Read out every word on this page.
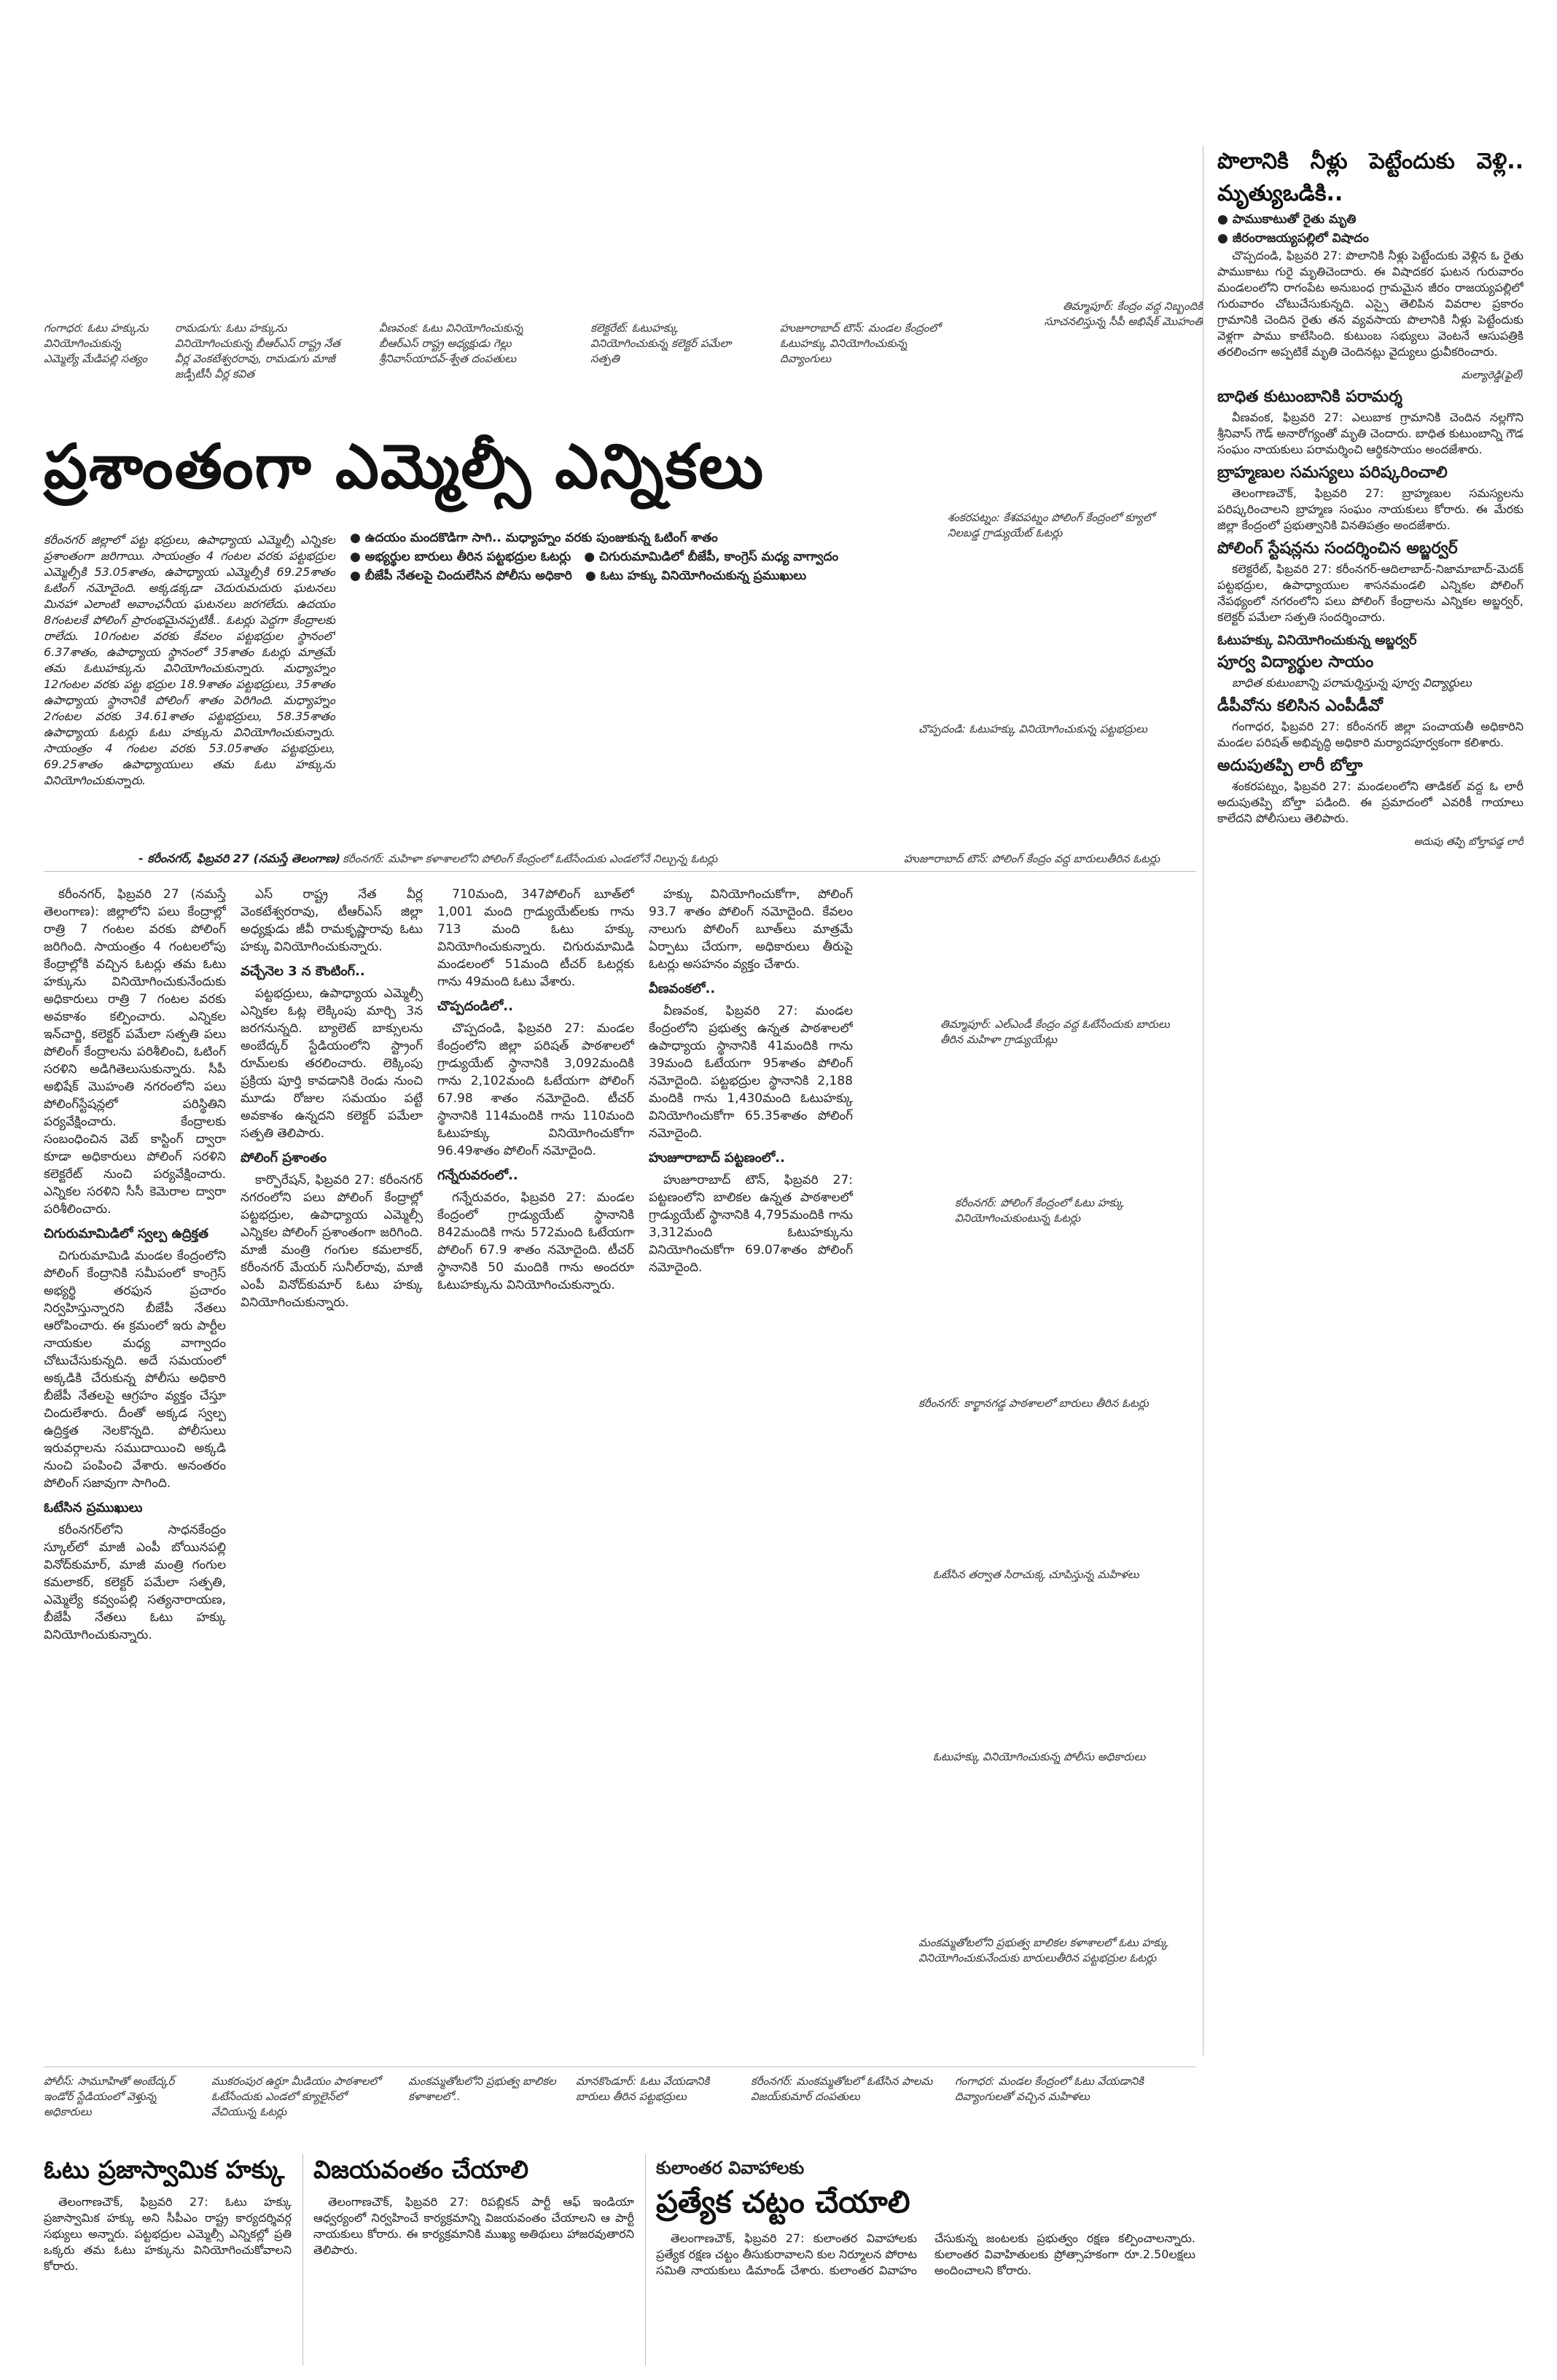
గంగాధర: ఓటు హక్కును వినియోగించుకున్న ఎమ్మెల్యే మేడిపల్లి సత్యం
రామడుగు: ఓటు హక్కును వినియోగించుకున్న బీఆర్ఎస్ రాష్ట్ర నేత వీర్ల వెంకటేశ్వరరావు, రామడుగు మాజీ జడ్పీటీసీ వీర్ల కవిత
వీణవంక: ఓటు వినియోగించుకున్న బీఆర్ఎస్ రాష్ట్ర అధ్యక్షుడు గెల్లు శ్రీనివాస్‌యాదవ్-శ్వేత దంపతులు
కలెక్టరేట్: ఓటుహక్కు వినియోగించుకున్న కలెక్టర్ పమేలా సత్పతి
హుజూరాబాద్ టౌన్: మండల కేంద్రంలో ఓటుహక్కు వినియోగించుకున్న దివ్యాంగులు
తిమ్మాపూర్: కేంద్రం వద్ద నిబ్బందికి సూచనలిస్తున్న సీపీ అభిషేక్ మొహంతి
ప్రశాంతంగా ఎమ్మెల్సీ ఎన్నికలు
● ఉదయం మందకొడిగా సాగి.. మధ్యాహ్నం వరకు పుంజుకున్న ఓటింగ్ శాతం
● అభ్యర్థుల బారులు తీరిన పట్టభద్రుల ఓటర్లు ● చిగురుమామిడిలో బీజేపీ, కాంగ్రెస్ మధ్య వాగ్వాదం
● బీజేపీ నేతలపై చిందులేసిన పోలీసు అధికారి ● ఓటు హక్కు వినియోగించుకున్న ప్రముఖులు
కరీంనగర్ జిల్లాలో పట్ట భద్రులు, ఉపాధ్యాయ ఎమ్మెల్సీ ఎన్నికల ప్రశాంతంగా జరిగాయి. సాయంత్రం 4 గంటల వరకు పట్టభద్రుల ఎమ్మెల్సీకి 53.05శాతం, ఉపాధ్యాయ ఎమ్మెల్సీకి 69.25శాతం ఓటింగ్ నమోదైంది. అక్కడక్కడా చెదురుమదురు ఘటనలు మినహా ఎలాంటి అవాంఛనీయ ఘటనలు జరగలేదు. ఉదయం 8గంటలకే పోలింగ్ ప్రారంభమైనప్పటికీ.. ఓటర్లు పెద్దగా కేంద్రాలకు రాలేదు. 10గంటల వరకు కేవలం పట్టభద్రుల స్థానంలో 6.37శాతం, ఉపాధ్యాయ స్థానంలో 35శాతం ఓటర్లు మాత్రమే తమ ఓటుహక్కును వినియోగించుకున్నారు. మధ్యాహ్నం 12గంటల వరకు పట్ట భద్రుల 18.9శాతం పట్టభద్రులు, 35శాతం ఉపాధ్యాయ స్థానానికి పోలింగ్ శాతం పెరిగింది. మధ్యాహ్నం 2గంటల వరకు 34.61శాతం పట్టభద్రులు, 58.35శాతం ఉపాధ్యాయ ఓటర్లు ఓటు హక్కును వినియోగించుకున్నారు. సాయంత్రం 4 గంటల వరకు 53.05శాతం పట్టభద్రులు, 69.25శాతం ఉపాధ్యాయులు తమ ఓటు హక్కును వినియోగించుకున్నారు.
- కరీంనగర్, ఫిబ్రవరి 27 (నమస్తే తెలంగాణ)
శంకరపట్నం: కేశవపట్నం పోలింగ్ కేంద్రంలో క్యూలో నిలబడ్డ గ్రాడ్యుయేట్ ఓటర్లు
చొప్పదండి: ఓటుహక్కు వినియోగించుకున్న పట్టభద్రులు
కరీంనగర్: మహిళా కళాశాలలోని పోలింగ్ కేంద్రంలో ఓటేసేందుకు ఎండలోనే నిల్చున్న ఓటర్లు	హుజూరాబాద్ టౌన్: పోలింగ్ కేంద్రం వద్ద బారులుతీరిన ఓటర్లు
తిమ్మాపూర్: ఎల్ఎండీ కేంద్రం వద్ద ఓటేసేందుకు బారులు తీరిన మహిళా గ్రాడ్యుయేట్లు
కరీంనగర్: పోలింగ్ కేంద్రంలో ఓటు హక్కు వినియోగించుకుంటున్న ఓటర్లు
కరీంనగర్: కార్ఖానగడ్డ పాఠశాలలో బారులు తీరిన ఓటర్లు
ఓటేసిన తర్వాత సిరాచుక్క చూపిస్తున్న మహిళలు
ఓటుహక్కు వినియోగించుకున్న పోలీసు అధికారులు
మంకమ్మతోటలోని ప్రభుత్వ బాలికల కళాశాలలో ఓటు హక్కు వినియోగించుకునేందుకు బారులుతీరిన పట్టభద్రుల ఓటర్లు

కరీంనగర్, ఫిబ్రవరి 27 (నమస్తే తెలంగాణ): జిల్లాలోని పలు కేంద్రాల్లో రాత్రి 7 గంటల వరకు పోలింగ్ జరిగింది. సాయంత్రం 4 గంటలలోపు కేంద్రాల్లోకి వచ్చిన ఓటర్లు తమ ఓటు హక్కును వినియోగించుకునేందుకు అధికారులు రాత్రి 7 గంటల వరకు అవకాశం కల్పించారు. ఎన్నికల ఇన్‌చార్జి, కలెక్టర్ పమేలా సత్పతి పలు పోలింగ్ కేంద్రాలను పరిశీలించి, ఓటింగ్ సరళిని అడిగితెలుసుకున్నారు. సీపీ అభిషేక్ మొహంతి నగరంలోని పలు పోలింగ్‌స్టేషన్లలో పరిస్థితిని పర్యవేక్షించారు. కేంద్రాలకు సంబంధించిన వెబ్ కాస్టింగ్ ద్వారా కూడా అధికారులు పోలింగ్ సరళిని కలెక్టరేట్ నుంచి పర్యవేక్షించారు. ఎన్నికల సరళిని సీసీ కెమెరాల ద్వారా పరిశీలించారు.

చిగురుమామిడిలో స్వల్ప ఉద్రిక్తత

చిగురుమామిడి మండల కేంద్రంలోని పోలింగ్ కేంద్రానికి సమీపంలో కాంగ్రెస్ అభ్యర్థి తరఫున ప్రచారం నిర్వహిస్తున్నారని బీజేపీ నేతలు ఆరోపించారు. ఈ క్రమంలో ఇరు పార్టీల నాయకుల మధ్య వాగ్వాదం చోటుచేసుకున్నది. అదే సమయంలో అక్కడికి చేరుకున్న పోలీసు అధికారి బీజేపీ నేతలపై ఆగ్రహం వ్యక్తం చేస్తూ చిందులేశారు. దీంతో అక్కడ స్వల్ప ఉద్రిక్తత నెలకొన్నది. పోలీసులు ఇరువర్గాలను సముదాయించి అక్కడి నుంచి పంపించి వేశారు. అనంతరం పోలింగ్ సజావుగా సాగింది.

ఓటేసిన ప్రముఖులు

కరీంనగర్‌లోని సాధనకేంద్రం స్కూల్‌లో మాజీ ఎంపీ బోయినపల్లి వినోద్‌కుమార్, మాజీ మంత్రి గంగుల కమలాకర్, కలెక్టర్ పమేలా సత్పతి, ఎమ్మెల్యే కవ్వంపల్లి సత్యనారాయణ, బీజేపీ నేతలు ఓటు హక్కు వినియోగించుకున్నారు.

ఎస్ రాష్ట్ర నేత వీర్ల వెంకటేశ్వరరావు, టీఆర్ఎస్ జిల్లా అధ్యక్షుడు జీవీ రామకృష్ణారావు ఓటు హక్కు వినియోగించుకున్నారు.

వచ్చేనెల 3 న కౌంటింగ్..

పట్టభద్రులు, ఉపాధ్యాయ ఎమ్మెల్సీ ఎన్నికల ఓట్ల లెక్కింపు మార్చి 3న జరగనున్నది. బ్యాలెట్ బాక్సులను అంబేద్కర్ స్టేడియంలోని స్ట్రాంగ్ రూమ్‌లకు తరలించారు. లెక్కింపు ప్రక్రియ పూర్తి కావడానికి రెండు నుంచి మూడు రోజుల సమయం పట్టే అవకాశం ఉన్నదని కలెక్టర్ పమేలా సత్పతి తెలిపారు.

పోలింగ్ ప్రశాంతం

కార్పొరేషన్, ఫిబ్రవరి 27: కరీంనగర్ నగరంలోని పలు పోలింగ్ కేంద్రాల్లో పట్టభద్రుల, ఉపాధ్యాయ ఎమ్మెల్సీ ఎన్నికల పోలింగ్ ప్రశాంతంగా జరిగింది. మాజీ మంత్రి గంగుల కమలాకర్, కరీంనగర్ మేయర్ సునీల్‌రావు, మాజీ ఎంపీ వినోద్‌కుమార్ ఓటు హక్కు వినియోగించుకున్నారు.

710మంది, 347పోలింగ్ బూత్‌లో 1,001 మంది గ్రాడ్యుయేట్‌లకు గాను 713 మంది ఓటు హక్కు వినియోగించుకున్నారు. చిగురుమామిడి మండలంలో 51మంది టీచర్ ఓటర్లకు గాను 49మంది ఓటు వేశారు.

చొప్పదండిలో..

చొప్పదండి, ఫిబ్రవరి 27: మండల కేంద్రంలోని జిల్లా పరిషత్ పాఠశాలలో గ్రాడ్యుయేట్ స్థానానికి 3,092మందికి గాను 2,102మంది ఓటేయగా పోలింగ్ 67.98 శాతం నమోదైంది. టీచర్ స్థానానికి 114మందికి గాను 110మంది ఓటుహక్కు వినియోగించుకోగా 96.49శాతం పోలింగ్ నమోదైంది.

గన్నేరువరంలో..

గన్నేరువరం, ఫిబ్రవరి 27: మండల కేంద్రంలో గ్రాడ్యుయేట్ స్థానానికి 842మందికి గాను 572మంది ఓటేయగా పోలింగ్ 67.9 శాతం నమోదైంది. టీచర్ స్థానానికి 50 మందికి గాను అందరూ ఓటుహక్కును వినియోగించుకున్నారు.

హక్కు వినియోగించుకోగా, పోలింగ్ 93.7 శాతం పోలింగ్ నమోదైంది. కేవలం నాలుగు పోలింగ్ బూత్‌లు మాత్రమే ఏర్పాటు చేయగా, అధికారులు తీరుపై ఓటర్లు అసహనం వ్యక్తం చేశారు.

వీణవంకలో..

వీణవంక, ఫిబ్రవరి 27: మండల కేంద్రంలోని ప్రభుత్వ ఉన్నత పాఠశాలలో ఉపాధ్యాయ స్థానానికి 41మందికి గాను 39మంది ఓటేయగా 95శాతం పోలింగ్ నమోదైంది. పట్టభద్రుల స్థానానికి 2,188 మందికి గాను 1,430మంది ఓటుహక్కు వినియోగించుకోగా 65.35శాతం పోలింగ్ నమోదైంది.

హుజూరాబాద్ పట్టణంలో..

హుజూరాబాద్ టౌన్, ఫిబ్రవరి 27: పట్టణంలోని బాలికల ఉన్నత పాఠశాలలో గ్రాడ్యుయేట్ స్థానానికి 4,795మందికి గాను 3,312మంది ఓటుహక్కును వినియోగించుకోగా 69.07శాతం పోలింగ్ నమోదైంది.

పొలానికి నీళ్లు పెట్టేందుకు వెళ్లి.. మృత్యుఒడికి..
● పాముకాటుతో రైతు మృతి
● జీరంరాజయ్యపల్లిలో విషాదం

చొప్పదండి, ఫిబ్రవరి 27: పొలానికి నీళ్లు పెట్టేందుకు వెళ్లిన ఓ రైతు పాముకాటు గురై మృతిచెందారు. ఈ విషాదకర ఘటన గురువారం మండలంలోని రాగంపేట అనుబంధ గ్రామమైన జీరం రాజయ్యపల్లిలో గురువారం చోటుచేసుకున్నది. ఎస్సై తెలిపిన వివరాల ప్రకారం గ్రామానికి చెందిన రైతు తన వ్యవసాయ పొలానికి నీళ్లు పెట్టేందుకు వెళ్లగా పాము కాటేసింది. కుటుంబ సభ్యులు వెంటనే ఆసుపత్రికి తరలించగా అప్పటికే మృతి చెందినట్లు వైద్యులు ధ్రువీకరించారు.

మల్యారెడ్డి(ఫైల్)
బాధిత కుటుంబానికి పరామర్శ

వీణవంక, ఫిబ్రవరి 27: ఎలుబాక గ్రామానికి చెందిన నల్లగొని శ్రీనివాస్ గౌడ్ అనారోగ్యంతో మృతి చెందారు. బాధిత కుటుంబాన్ని గౌడ సంఘం నాయకులు పరామర్శించి ఆర్థికసాయం అందజేశారు.

బ్రాహ్మణుల సమస్యలు పరిష్కరించాలి

తెలంగాణచౌక్, ఫిబ్రవరి 27: బ్రాహ్మణుల సమస్యలను పరిష్కరించాలని బ్రాహ్మణ సంఘం నాయకులు కోరారు. ఈ మేరకు జిల్లా కేంద్రంలో ప్రభుత్వానికి వినతిపత్రం అందజేశారు.

పోలింగ్ స్టేషన్లను సందర్శించిన అబ్జర్వర్

కలెక్టరేట్, ఫిబ్రవరి 27: కరీంనగర్-ఆదిలాబాద్-నిజామాబాద్-మెదక్ పట్టభద్రుల, ఉపాధ్యాయుల శాసనమండలి ఎన్నికల పోలింగ్ నేపథ్యంలో నగరంలోని పలు పోలింగ్ కేంద్రాలను ఎన్నికల అబ్జర్వర్, కలెక్టర్ పమేలా సత్పతి సందర్శించారు.

ఓటుహక్కు వినియోగించుకున్న అబ్జర్వర్
పూర్వ విద్యార్థుల సాయం

బాధిత కుటుంబాన్ని పరామర్శిస్తున్న పూర్వ విద్యార్థులు

డీపీవోను కలిసిన ఎంపీడీవో

గంగాధర, ఫిబ్రవరి 27: కరీంనగర్ జిల్లా పంచాయతీ అధికారిని మండల పరిషత్ అభివృద్ధి అధికారి మర్యాదపూర్వకంగా కలిశారు.

అదుపుతప్పి లారీ బోల్తా

శంకరపట్నం, ఫిబ్రవరి 27: మండలంలోని తాడికల్ వద్ద ఓ లారీ అదుపుతప్పి బోల్తా పడింది. ఈ ప్రమాదంలో ఎవరికీ గాయాలు కాలేదని పోలీసులు తెలిపారు.

అదుపు తప్పి బోల్తాపడ్డ లారీ
పోలీస్: సామూహితో అంబేద్కర్ ఇండోర్ స్టేడియంలో వెళ్తున్న అధికారులు
ముకరంపుర ఉర్దూ మీడియం పాఠశాలలో ఓటేసేందుకు ఎండలో క్యూలైన్‌లో వేచియున్న ఓటర్లు
మంకమ్మతోటలోని ప్రభుత్వ బాలికల కళాశాలలో..
మానకొండూర్: ఓటు వేయడానికి బారులు తీరిన పట్టభద్రులు
కరీంనగర్: మంకమ్మతోటలో ఓటేసిన పాలమ విజయ్‌కుమార్ దంపతులు
గంగాధర: మండల కేంద్రంలో ఓటు వేయడానికి దివ్యాంగులతో వచ్చిన మహిళలు
ఓటు ప్రజాస్వామిక హక్కు

తెలంగాణచౌక్, ఫిబ్రవరి 27: ఓటు హక్కు ప్రజాస్వామిక హక్కు అని సీపీఎం రాష్ట్ర కార్యదర్శివర్గ సభ్యులు అన్నారు. పట్టభద్రుల ఎమ్మెల్సీ ఎన్నికల్లో ప్రతి ఒక్కరు తమ ఓటు హక్కును వినియోగించుకోవాలని కోరారు.

విజయవంతం చేయాలి

తెలంగాణచౌక్, ఫిబ్రవరి 27: రిపబ్లికన్ పార్టీ ఆఫ్ ఇండియా ఆధ్వర్యంలో నిర్వహించే కార్యక్రమాన్ని విజయవంతం చేయాలని ఆ పార్టీ నాయకులు కోరారు. ఈ కార్యక్రమానికి ముఖ్య అతిథులు హాజరవుతారని తెలిపారు.

కులాంతర వివాహాలకు
ప్రత్యేక చట్టం చేయాలి

తెలంగాణచౌక్, ఫిబ్రవరి 27: కులాంతర వివాహాలకు ప్రత్యేక రక్షణ చట్టం తీసుకురావాలని కుల నిర్మూలన పోరాట సమితి నాయకులు డిమాండ్ చేశారు. కులాంతర వివాహం చేసుకున్న జంటలకు ప్రభుత్వం రక్షణ కల్పించాలన్నారు. కులాంతర వివాహితులకు ప్రోత్సాహకంగా రూ.2.50లక్షలు అందించాలని కోరారు.
